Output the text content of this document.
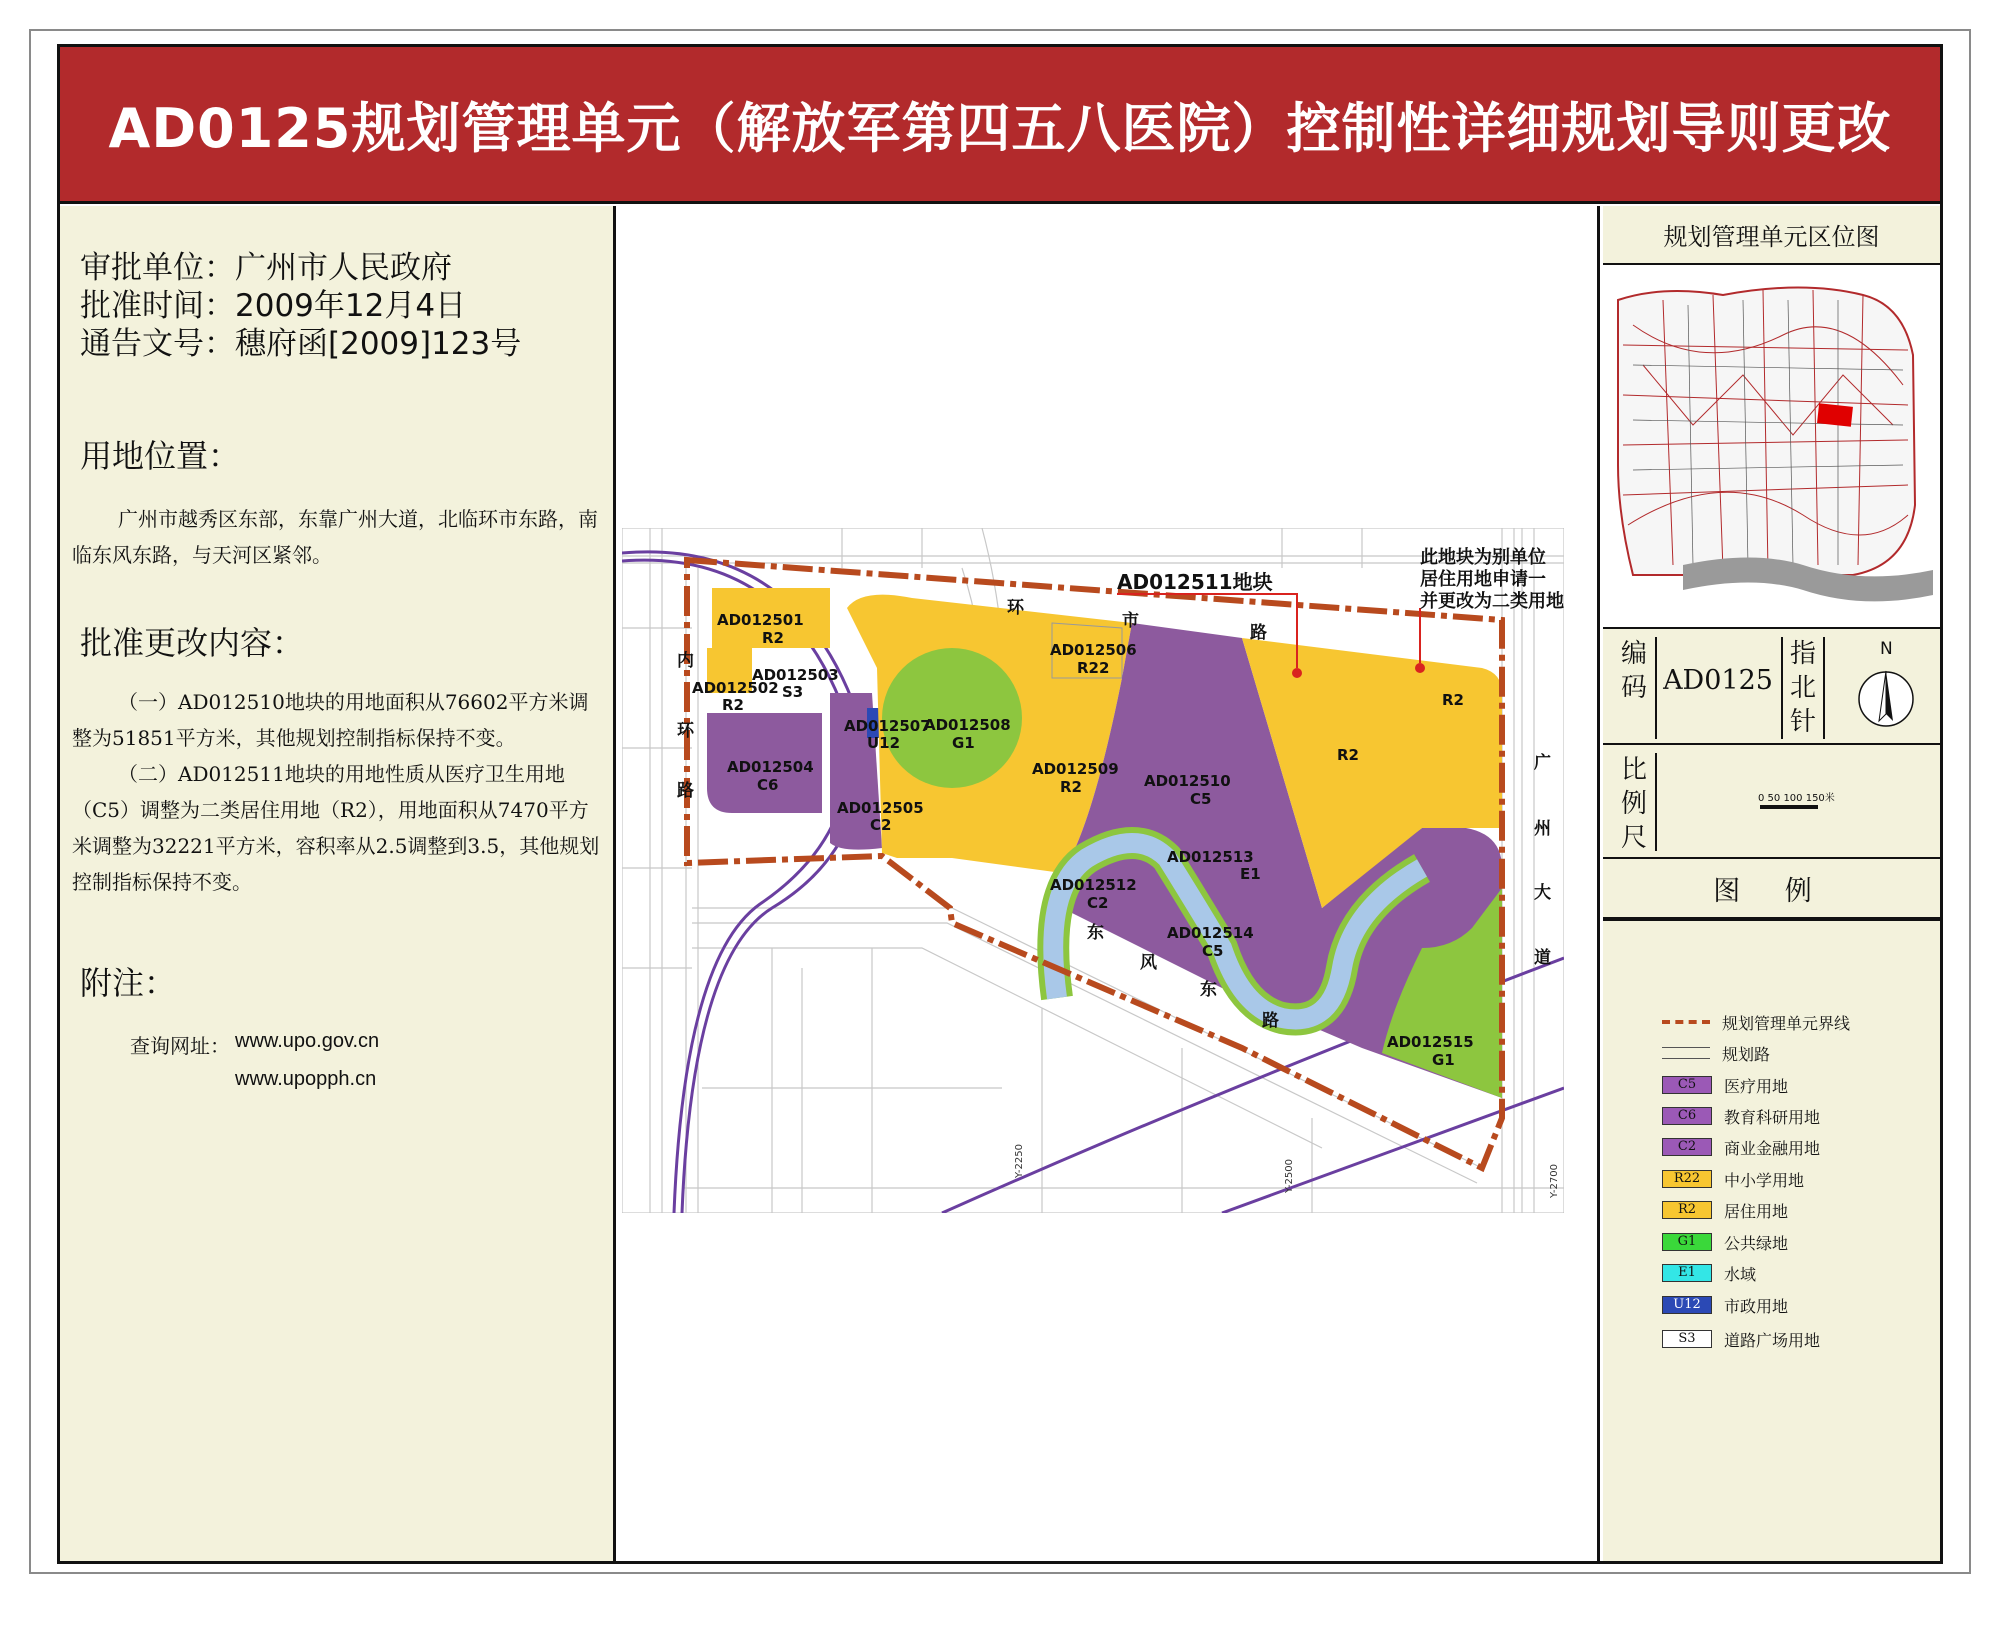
AD0125规划管理单元（解放军第四五八医院）控制性详细规划导则更改
审批单位：广州市人民政府
批准时间：2009年12月4日
通告文号：穗府函[2009]123号
用地位置：

广州市越秀区东部，东靠广州大道，北临环市东路，南临东风东路，与天河区紧邻。

批准更改内容：

（一）AD012510地块的用地面积从76602平方米调整为51851平方米，其他规划控制指标保持不变。

（二）AD012511地块的用地性质从医疗卫生用地（C5）调整为二类居住用地（R2），用地面积从7470平方米调整为32221平方米，容积率从2.5调整到3.5，其他规划控制指标保持不变。

附注：
查询网址： www.upo.gov.cn
www.upopph.cn
AD012501
R2
AD012502
R2
AD012503
S3
AD012504
C6
AD012505
C2
AD012506
R22
AD012507
U12
AD012508
G1
AD012509
R2	AD012510
C5
AD012512
C2
AD012513
E1
AD012514
C5
AD012515
G1
R2
R2
AD012511地块
此地块为别单位
居住用地申请一
并更改为二类用地
环
市
路
内
环
路
广
州
大
道
东
风
东
路
Y-2250	Y-2500	Y-2700
规划管理单元区位图
编码 AD0125
指北针
N
比例尺
0 50 100 150米
图 例
规划管理单元界线
规划路
C5	医疗用地
C6	教育科研用地
C2	商业金融用地
R22	中小学用地
R2	居住用地
G1	公共绿地
E1	水域
U12	市政用地
S3	道路广场用地
